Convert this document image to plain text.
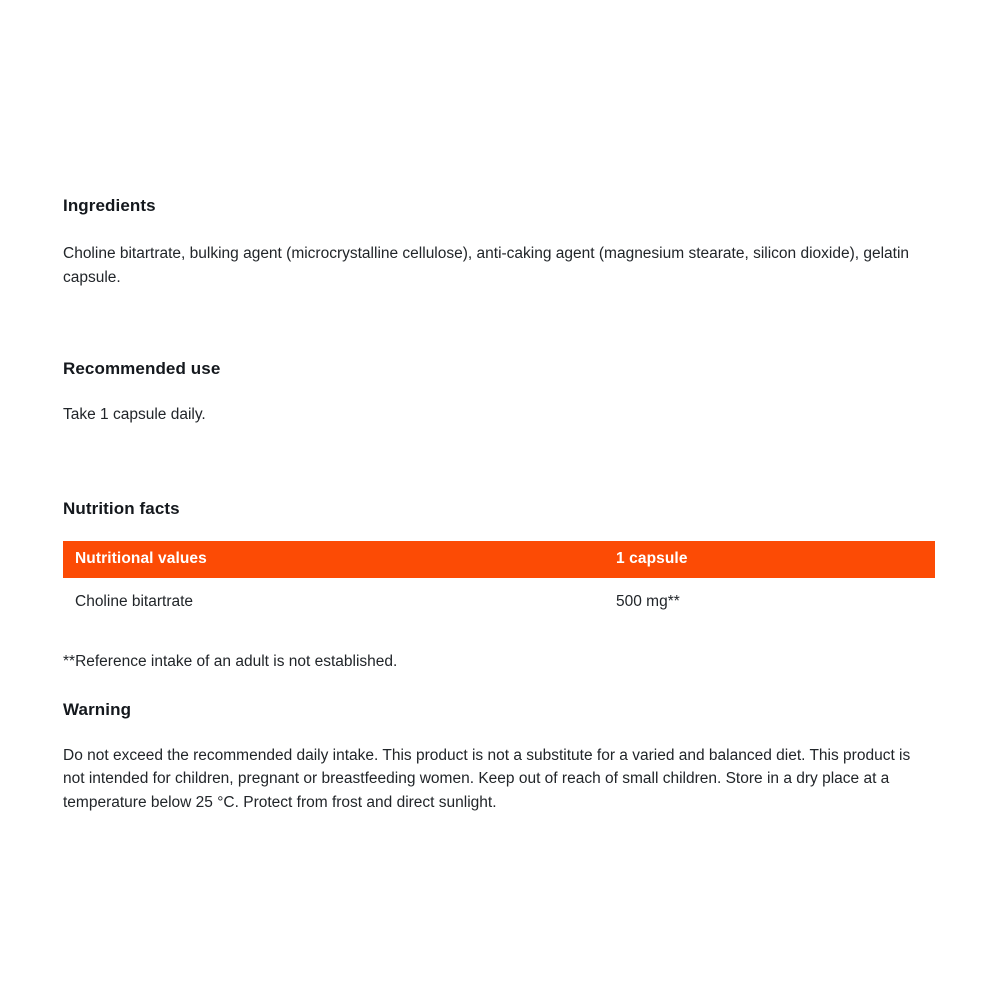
Ingredients

Choline bitartrate, bulking agent (microcrystalline cellulose), anti-caking agent (magnesium stearate, silicon dioxide), gelatin capsule.

Recommended use

Take 1 capsule daily.

Nutrition facts
Nutritional values	1 capsule
Choline bitartrate	500 mg**

**Reference intake of an adult is not established.

Warning

Do not exceed the recommended daily intake. This product is not a substitute for a varied and balanced diet. This product is not intended for children, pregnant or breastfeeding women. Keep out of reach of small children. Store in a dry place at a temperature below 25 °C. Protect from frost and direct sunlight.
